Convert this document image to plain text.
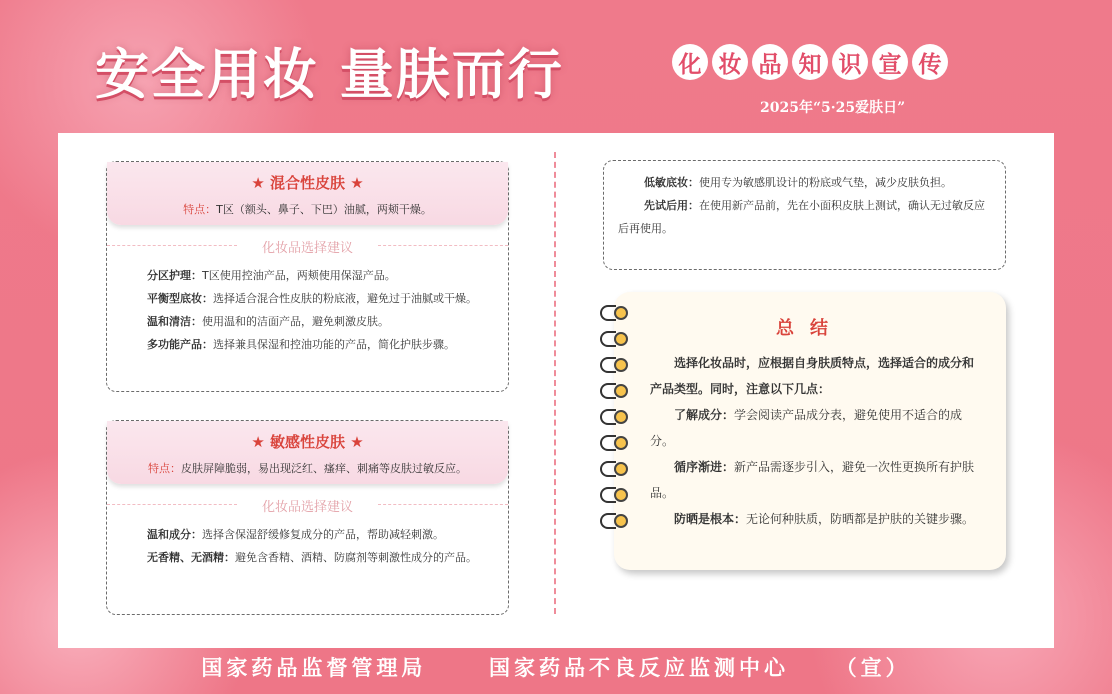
安全用妆 量肤而行	化 妆 品 知 识 宣 传
2025年“5·25爱肤日”
★ 混合性皮肤 ★
特点：T区（额头、鼻子、下巴）油腻，两颊干燥。
化妆品选择建议

分区护理：T区使用控油产品，两颊使用保湿产品。

平衡型底妆：选择适合混合性皮肤的粉底液，避免过于油腻或干燥。

温和清洁：使用温和的洁面产品，避免刺激皮肤。

多功能产品：选择兼具保湿和控油功能的产品，简化护肤步骤。

★ 敏感性皮肤 ★
特点：皮肤屏障脆弱，易出现泛红、瘙痒、刺痛等皮肤过敏反应。
化妆品选择建议

温和成分：选择含保湿舒缓修复成分的产品，帮助减轻刺激。

无香精、无酒精：避免含香精、酒精、防腐剂等刺激性成分的产品。

低敏底妆：使用专为敏感肌设计的粉底或气垫，减少皮肤负担。

先试后用：在使用新产品前，先在小面积皮肤上测试，确认无过敏反应后再使用。

总结

选择化妆品时，应根据自身肤质特点，选择适合的成分和产品类型。同时，注意以下几点：

了解成分：学会阅读产品成分表，避免使用不适合的成分。

循序渐进：新产品需逐步引入，避免一次性更换所有护肤品。

防晒是根本：无论何种肤质，防晒都是护肤的关键步骤。

国家药品监督管理局	国家药品不良反应监测中心 （宣）
